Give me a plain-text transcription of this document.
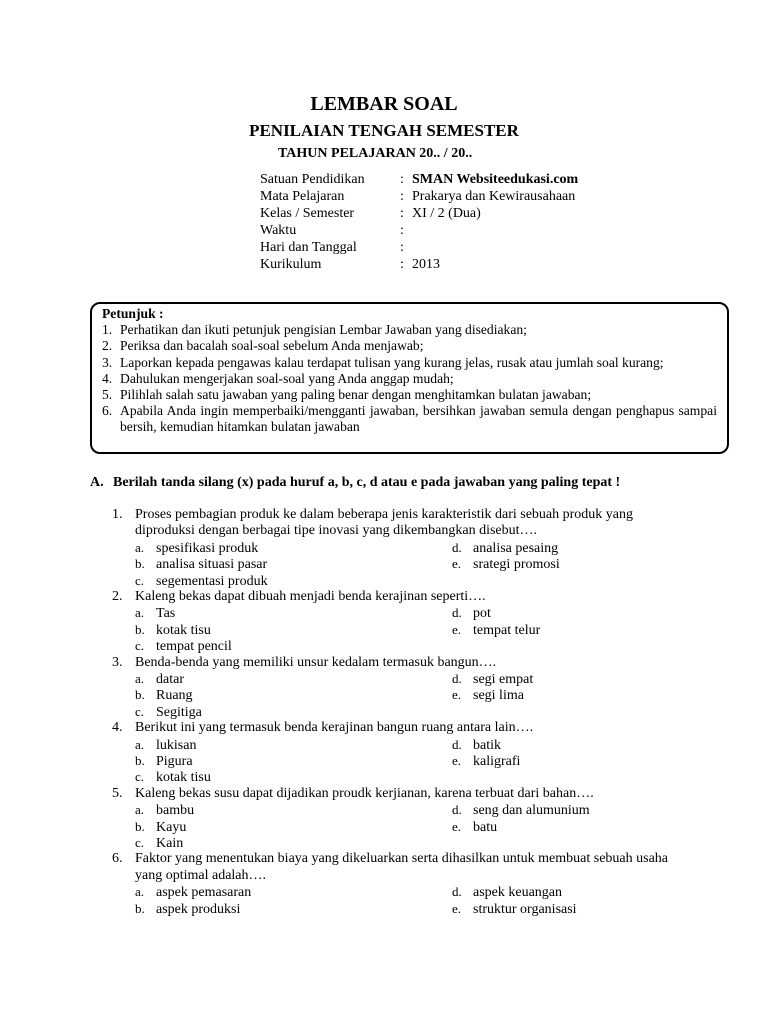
LEMBAR SOAL
PENILAIAN TENGAH SEMESTER
TAHUN PELAJARAN 20.. / 20..
Satuan Pendidikan	: SMAN Websiteedukasi.com
Mata Pelajaran	: Prakarya dan Kewirausahaan
Kelas / Semester	: XI / 2 (Dua)
Waktu	:
Hari dan Tanggal	:
Kurikulum	: 2013
Petunjuk :
1. Perhatikan dan ikuti petunjuk pengisian Lembar Jawaban yang disediakan;
2. Periksa dan bacalah soal-soal sebelum Anda menjawab;
3. Laporkan kepada pengawas kalau terdapat tulisan yang kurang jelas, rusak atau jumlah soal kurang;
4. Dahulukan mengerjakan soal-soal yang Anda anggap mudah;
5. Pilihlah salah satu jawaban yang paling benar dengan menghitamkan bulatan jawaban;
6. Apabila Anda ingin memperbaiki/mengganti jawaban, bersihkan jawaban semula dengan penghapus sampai bersih, kemudian hitamkan bulatan jawaban
A. Berilah tanda silang (x) pada huruf a, b, c, d atau e pada jawaban yang paling tepat !
1. Proses pembagian produk ke dalam beberapa jenis karakteristik dari sebuah produk yang
diproduksi dengan berbagai tipe inovasi yang dikembangkan disebut….
a. spesifikasi produk	d. analisa pesaing
b. analisa situasi pasar	e. srategi promosi
c. segementasi produk
2. Kaleng bekas dapat dibuah menjadi benda kerajinan seperti….
a. Tas	d. pot
b. kotak tisu	e. tempat telur
c. tempat pencil
3. Benda-benda yang memiliki unsur kedalam termasuk bangun….
a. datar	d. segi empat
b. Ruang	e. segi lima
c. Segitiga
4. Berikut ini yang termasuk benda kerajinan bangun ruang antara lain….
a. lukisan	d. batik
b. Pigura	e. kaligrafi
c. kotak tisu
5. Kaleng bekas susu dapat dijadikan proudk kerjianan, karena terbuat dari bahan….
a. bambu	d. seng dan alumunium
b. Kayu	e. batu
c. Kain
6. Faktor yang menentukan biaya yang dikeluarkan serta dihasilkan untuk membuat sebuah usaha
yang optimal adalah….
a. aspek pemasaran	d. aspek keuangan
b. aspek produksi	e. struktur organisasi
